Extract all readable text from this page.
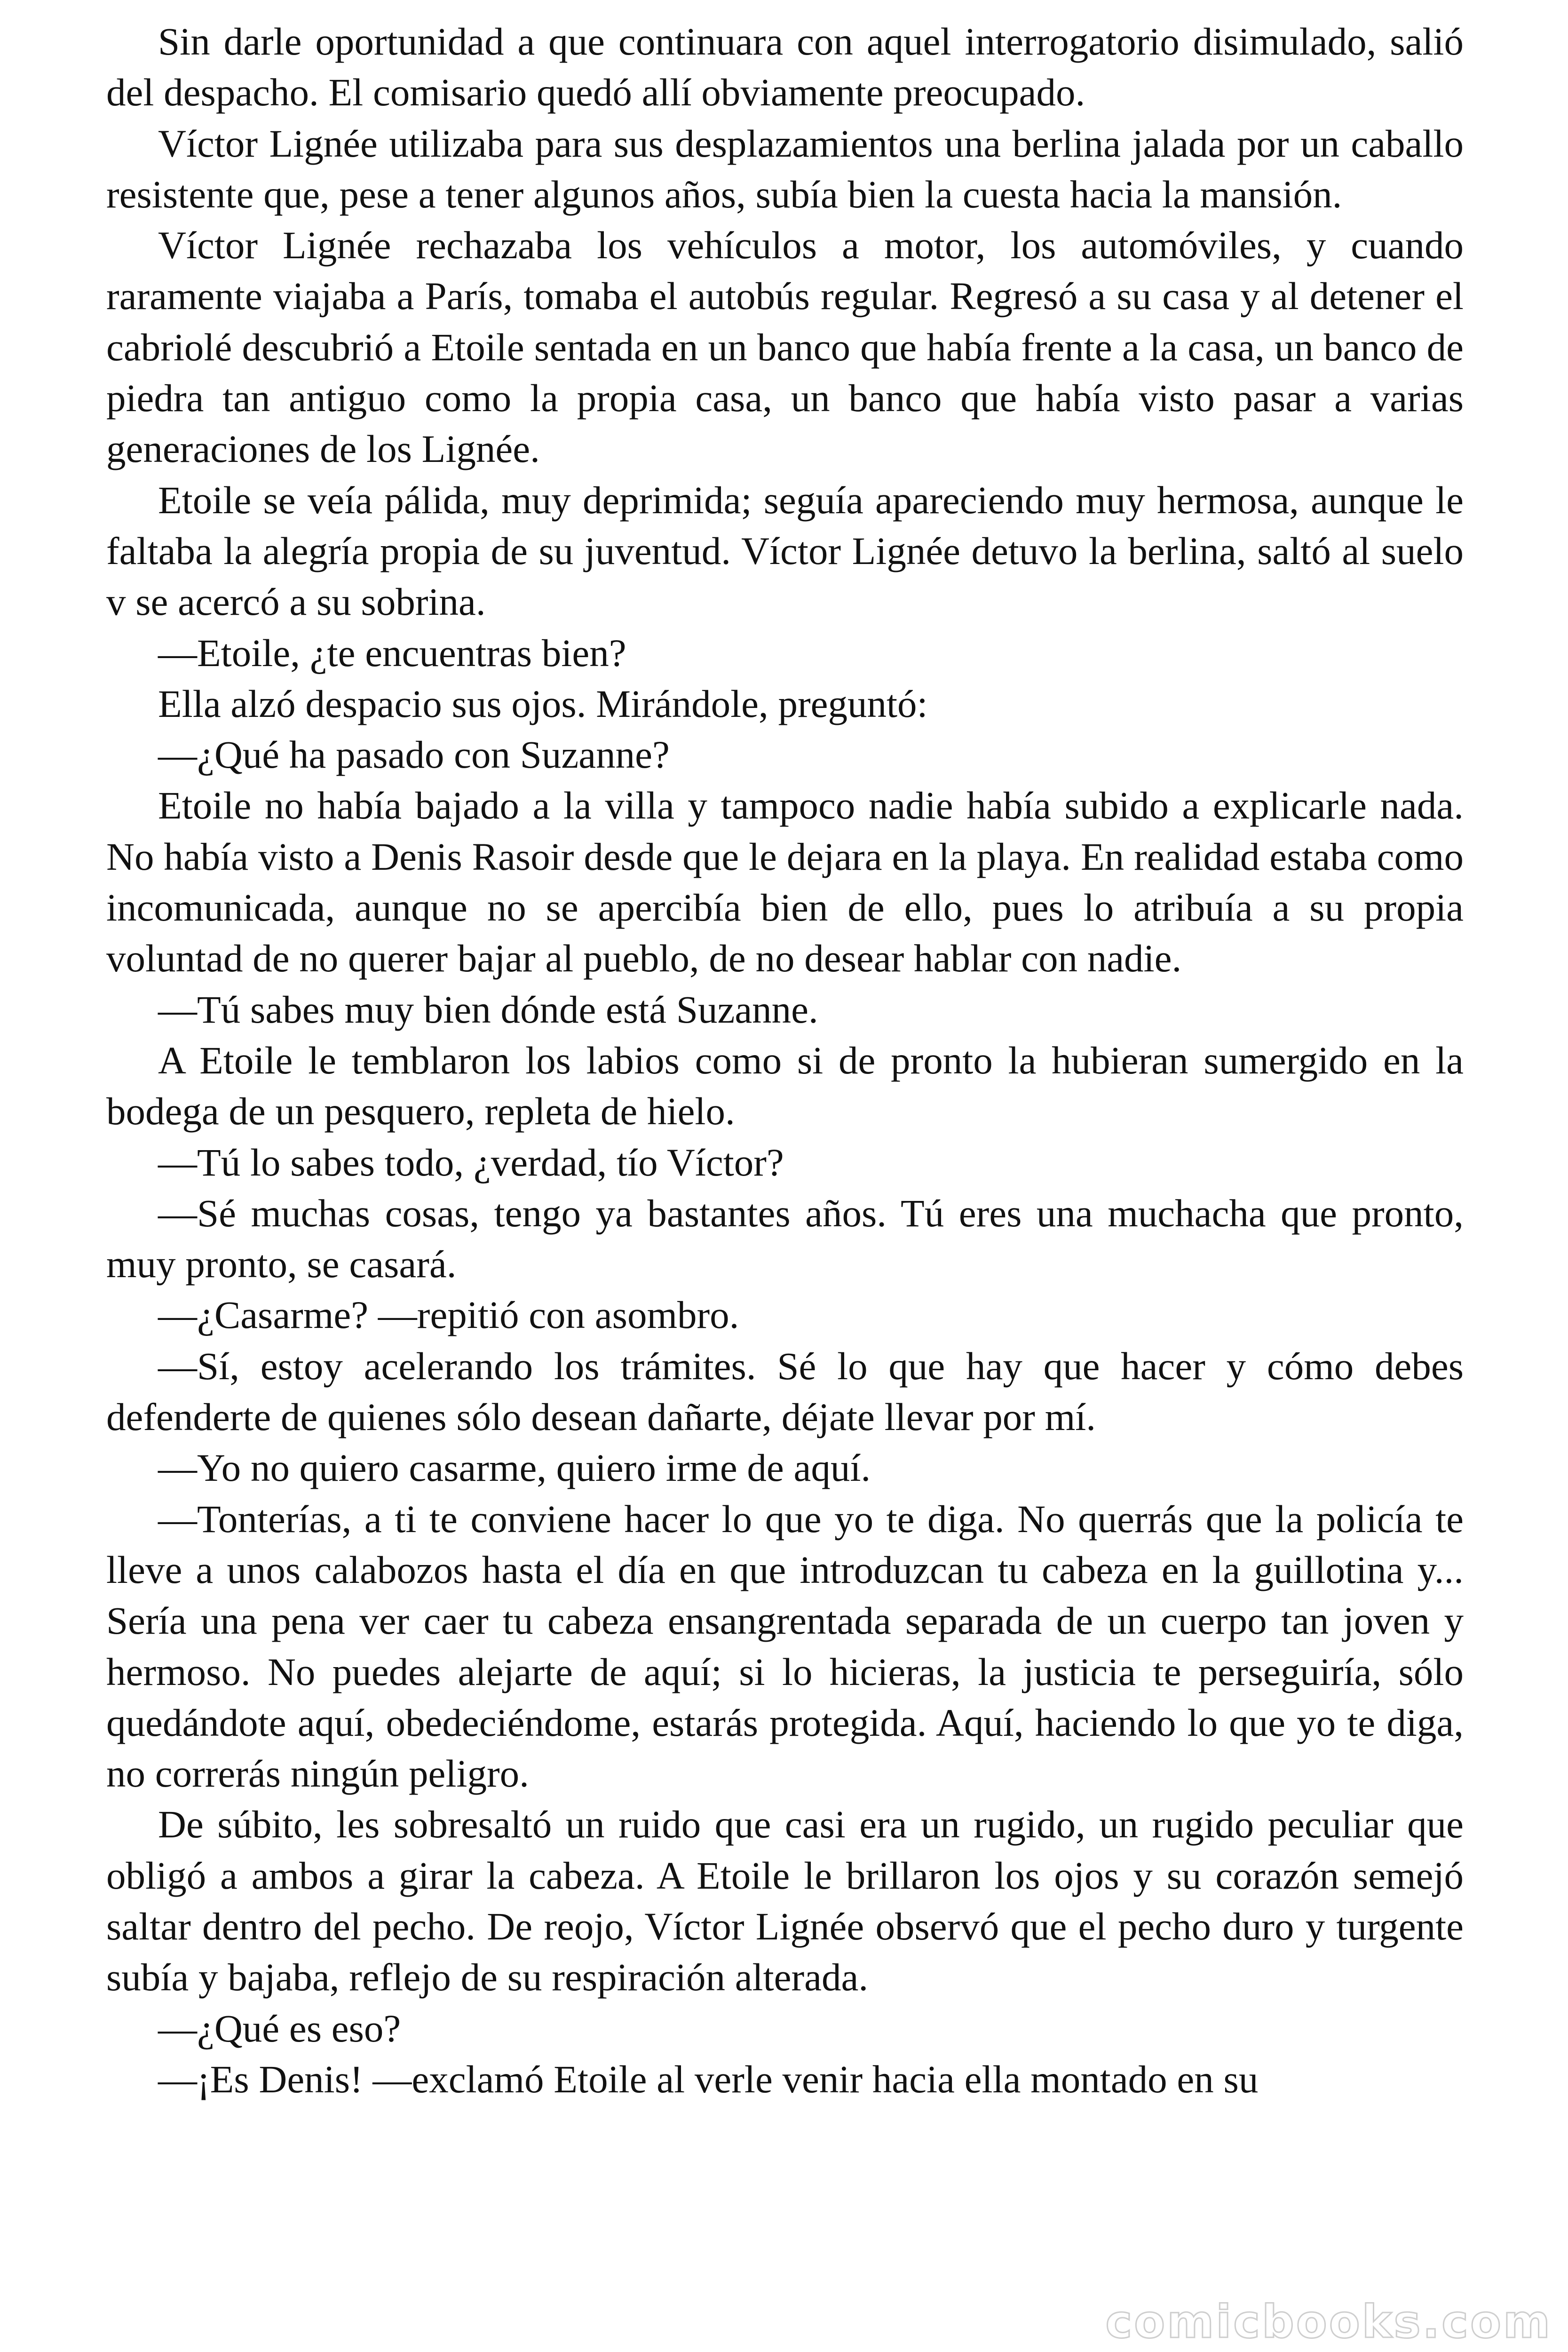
Sin darle oportunidad a que continuara con aquel interrogatorio disimulado, salió del despacho. El comisario quedó allí obviamente preocupado.

Víctor Lignée utilizaba para sus desplazamientos una berlina jalada por un caballo resistente que, pese a tener algunos años, subía bien la cuesta hacia la mansión.

Víctor Lignée rechazaba los vehículos a motor, los automóviles, y cuando raramente viajaba a París, tomaba el autobús regular. Regresó a su casa y al detener el cabriolé descubrió a Etoile sentada en un banco que había frente a la casa, un banco de piedra tan antiguo como la propia casa, un banco que había visto pasar a varias generaciones de los Lignée.

Etoile se veía pálida, muy deprimida; seguía apareciendo muy hermosa, aunque le faltaba la alegría propia de su juventud. Víctor Lignée detuvo la berlina, saltó al suelo v se acercó a su sobrina.

—Etoile, ¿te encuentras bien?

Ella alzó despacio sus ojos. Mirándole, preguntó:

—¿Qué ha pasado con Suzanne?

Etoile no había bajado a la villa y tampoco nadie había subido a explicarle nada. No había visto a Denis Rasoir desde que le dejara en la playa. En realidad estaba como incomunicada, aunque no se apercibía bien de ello, pues lo atribuía a su propia voluntad de no querer bajar al pueblo, de no desear hablar con nadie.

—Tú sabes muy bien dónde está Suzanne.

A Etoile le temblaron los labios como si de pronto la hubieran sumergido en la bodega de un pesquero, repleta de hielo.

—Tú lo sabes todo, ¿verdad, tío Víctor?

—Sé muchas cosas, tengo ya bastantes años. Tú eres una muchacha que pronto, muy pronto, se casará.

—¿Casarme? —repitió con asombro.

—Sí, estoy acelerando los trámites. Sé lo que hay que hacer y cómo debes defenderte de quienes sólo desean dañarte, déjate llevar por mí.

—Yo no quiero casarme, quiero irme de aquí.

—Tonterías, a ti te conviene hacer lo que yo te diga. No querrás que la policía te lleve a unos calabozos hasta el día en que introduzcan tu cabeza en la guillotina y... Sería una pena ver caer tu cabeza ensangrentada separada de un cuerpo tan joven y hermoso. No puedes alejarte de aquí; si lo hicieras, la justicia te perseguiría, sólo quedándote aquí, obedeciéndome, estarás protegida. Aquí, haciendo lo que yo te diga, no correrás ningún peligro.

De súbito, les sobresaltó un ruido que casi era un rugido, un rugido peculiar que obligó a ambos a girar la cabeza. A Etoile le brillaron los ojos y su corazón semejó saltar dentro del pecho. De reojo, Víctor Lignée observó que el pecho duro y turgente subía y bajaba, reflejo de su respiración alterada.

—¿Qué es eso?

—¡Es Denis! —exclamó Etoile al verle venir hacia ella montado en su

comicbooks.com
